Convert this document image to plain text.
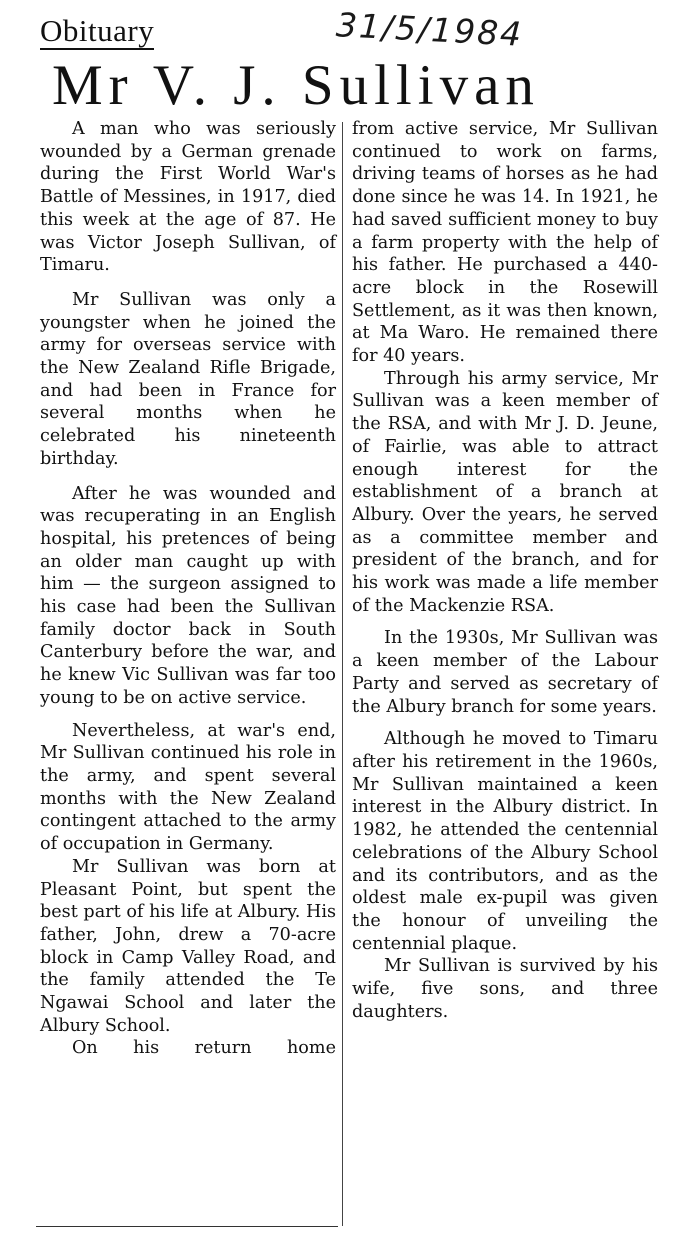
Obituary	31/5/1984
Mr V. J. Sullivan

A man who was seriously wounded by a German grenade during the First World War's Battle of Messines, in 1917, died this week at the age of 87. He was Victor Joseph Sullivan, of Timaru.

Mr Sullivan was only a youngster when he joined the army for overseas service with the New Zealand Rifle Brigade, and had been in France for several months when he celebrated his nineteenth birthday.

After he was wounded and was recuperating in an English hospital, his pretences of being an older man caught up with him — the surgeon assigned to his case had been the Sullivan family doctor back in South Canterbury before the war, and he knew Vic Sullivan was far too young to be on active service.

Nevertheless, at war's end, Mr Sullivan continued his role in the army, and spent several months with the New Zealand contingent attached to the army of occupation in Germany.

Mr Sullivan was born at Pleasant Point, but spent the best part of his life at Albury. His father, John, drew a 70-acre block in Camp Valley Road, and the family attended the Te Ngawai School and later the Albury School.

On his return home

from active service, Mr Sullivan continued to work on farms, driving teams of horses as he had done since he was 14. In 1921, he had saved sufficient money to buy a farm property with the help of his father. He purchased a 440-acre block in the Rosewill Settlement, as it was then known, at Ma Waro. He remained there for 40 years.

Through his army service, Mr Sullivan was a keen member of the RSA, and with Mr J. D. Jeune, of Fairlie, was able to attract enough interest for the establishment of a branch at Albury. Over the years, he served as a committee member and president of the branch, and for his work was made a life member of the Mackenzie RSA.

In the 1930s, Mr Sullivan was a keen member of the Labour Party and served as secretary of the Albury branch for some years.

Although he moved to Timaru after his retirement in the 1960s, Mr Sullivan maintained a keen interest in the Albury district. In 1982, he attended the centennial celebrations of the Albury School and its contributors, and as the oldest male ex-pupil was given the honour of unveiling the centennial plaque.

Mr Sullivan is survived by his wife, five sons, and three daughters.
